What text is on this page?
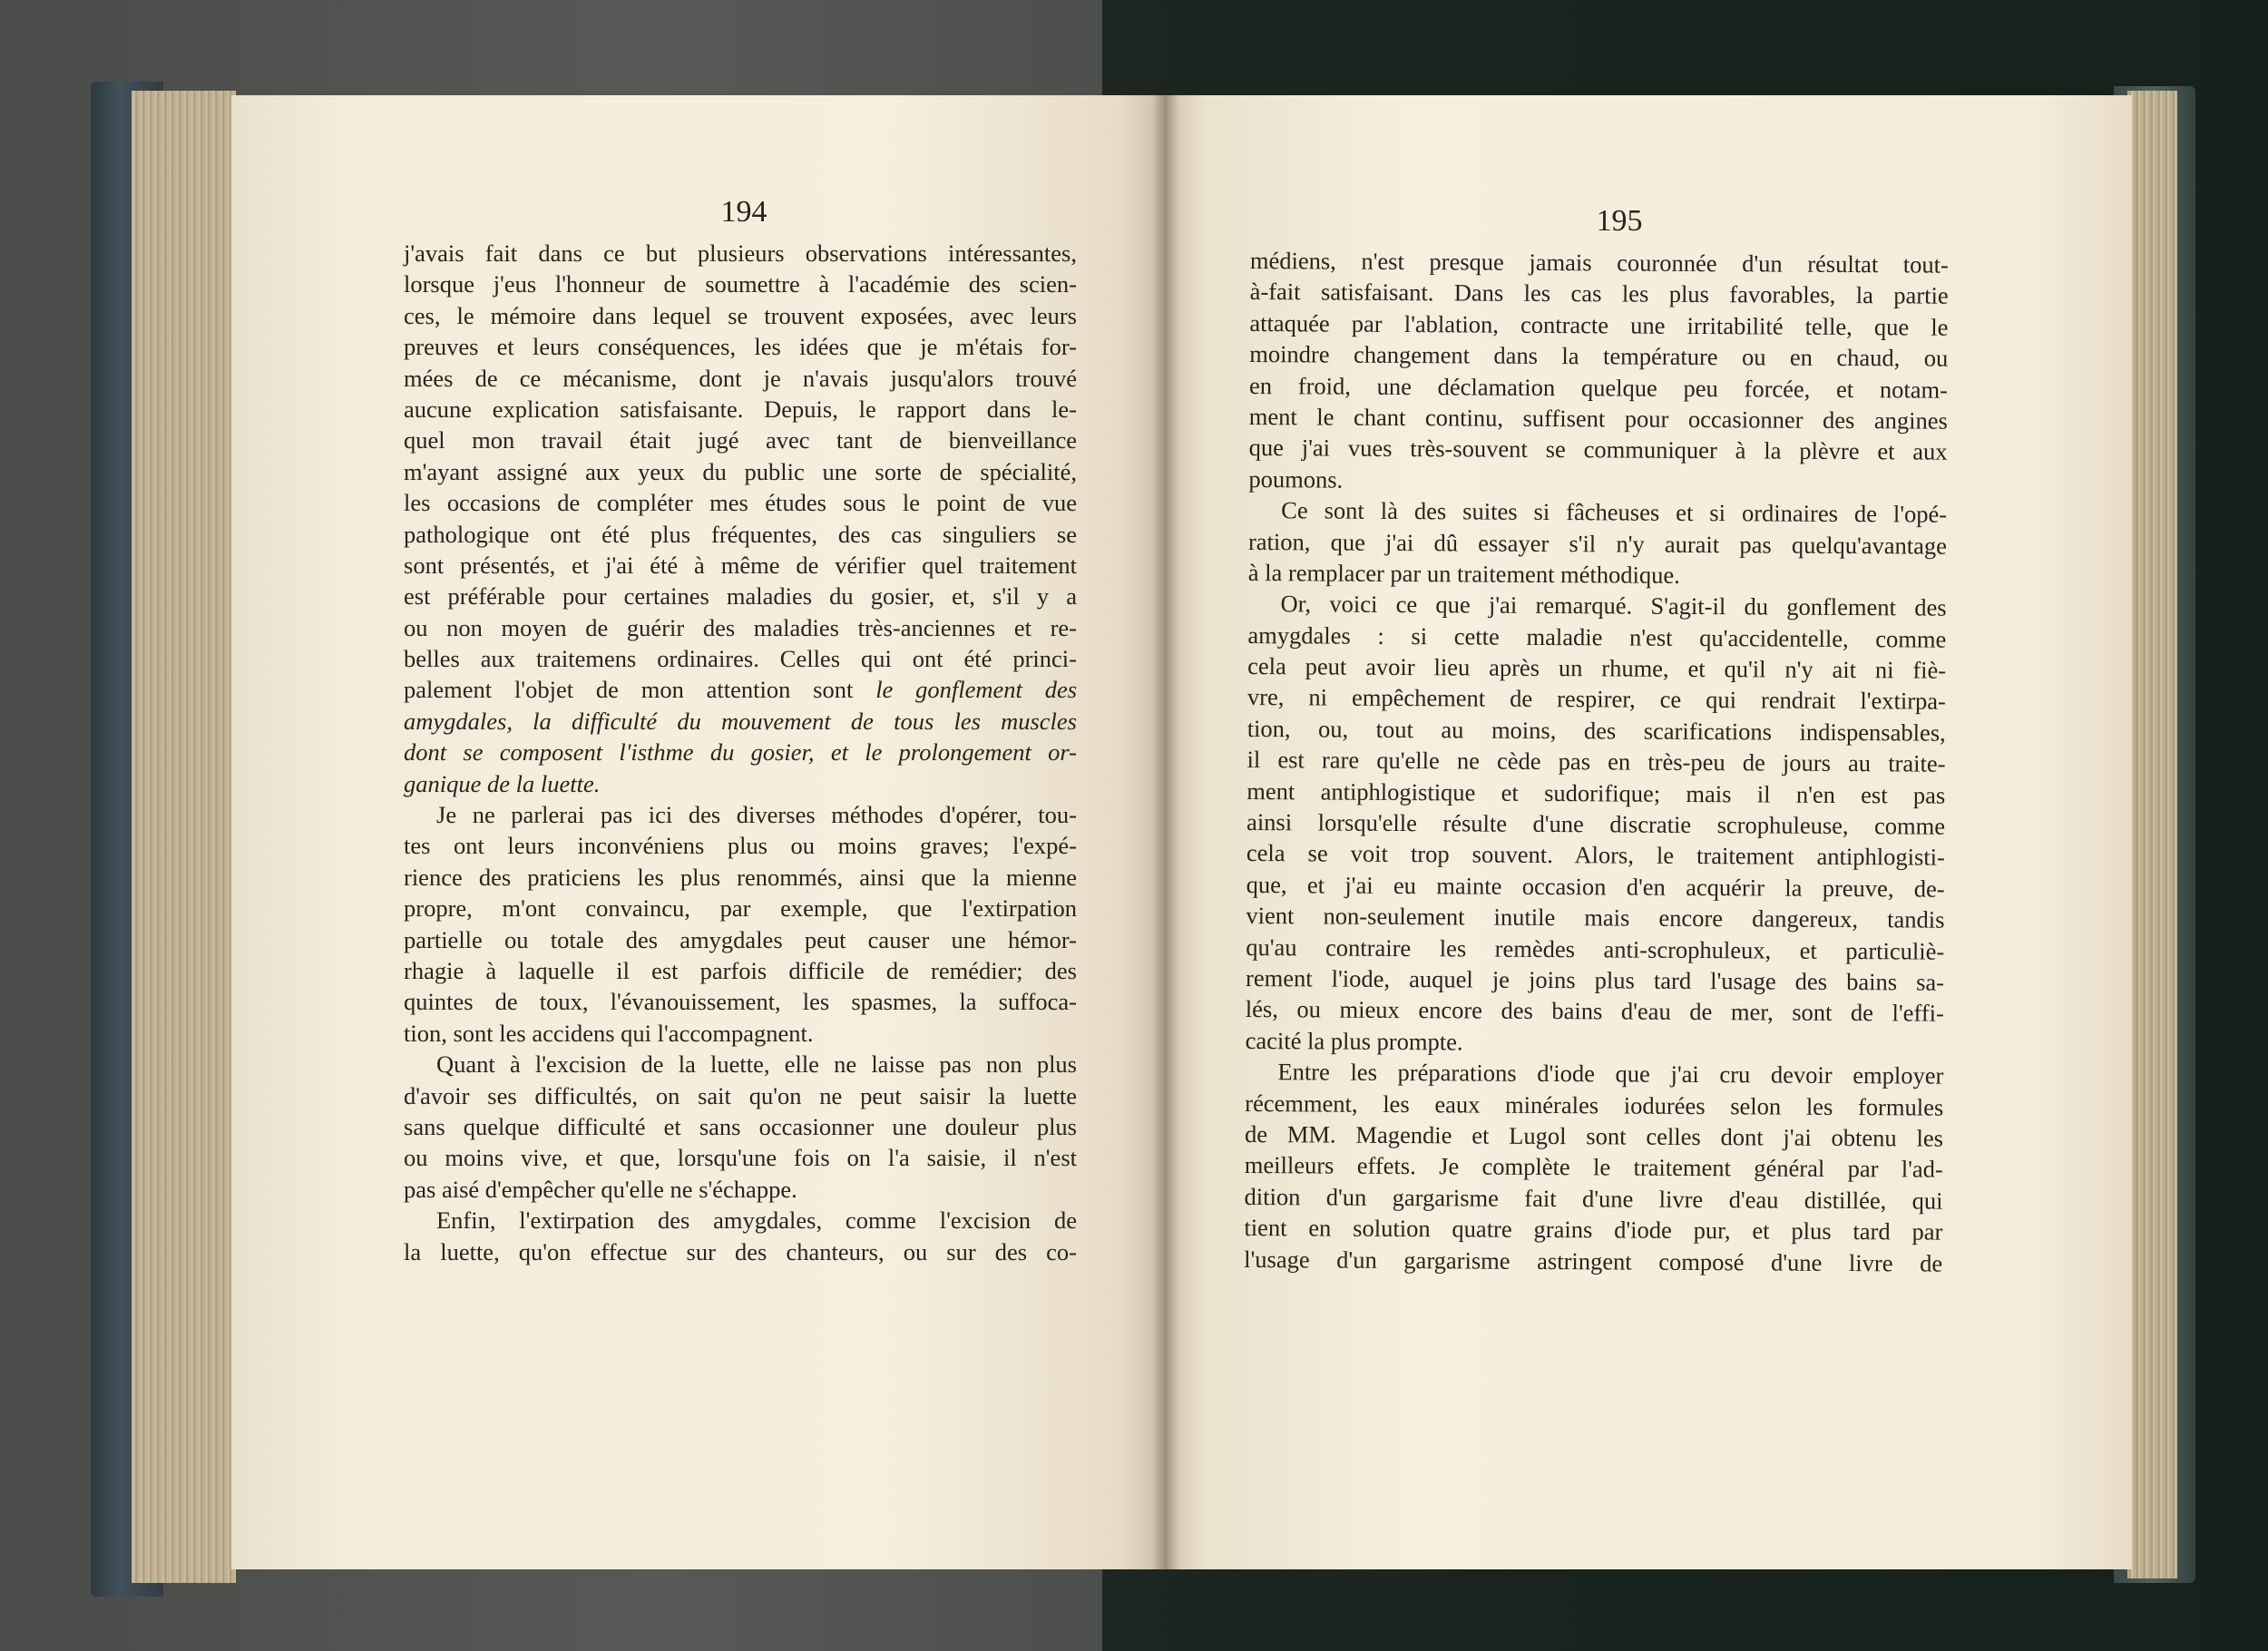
194
j'avais fait dans ce but plusieurs observations intéressantes,
lorsque j'eus l'honneur de soumettre à l'académie des scien-
ces, le mémoire dans lequel se trouvent exposées, avec leurs
preuves et leurs conséquences, les idées que je m'étais for-
mées de ce mécanisme, dont je n'avais jusqu'alors trouvé
aucune explication satisfaisante. Depuis, le rapport dans le-
quel mon travail était jugé avec tant de bienveillance
m'ayant assigné aux yeux du public une sorte de spécialité,
les occasions de compléter mes études sous le point de vue
pathologique ont été plus fréquentes, des cas singuliers se
sont présentés, et j'ai été à même de vérifier quel traitement
est préférable pour certaines maladies du gosier, et, s'il y a
ou non moyen de guérir des maladies très-anciennes et re-
belles aux traitemens ordinaires. Celles qui ont été princi-
palement l'objet de mon attention sont le gonflement des
amygdales, la difficulté du mouvement de tous les muscles
dont se composent l'isthme du gosier, et le prolongement or-
ganique de la luette.
Je ne parlerai pas ici des diverses méthodes d'opérer, tou-
tes ont leurs inconvéniens plus ou moins graves; l'expé-
rience des praticiens les plus renommés, ainsi que la mienne
propre, m'ont convaincu, par exemple, que l'extirpation
partielle ou totale des amygdales peut causer une hémor-
rhagie à laquelle il est parfois difficile de remédier; des
quintes de toux, l'évanouissement, les spasmes, la suffoca-
tion, sont les accidens qui l'accompagnent.
Quant à l'excision de la luette, elle ne laisse pas non plus
d'avoir ses difficultés, on sait qu'on ne peut saisir la luette
sans quelque difficulté et sans occasionner une douleur plus
ou moins vive, et que, lorsqu'une fois on l'a saisie, il n'est
pas aisé d'empêcher qu'elle ne s'échappe.
Enfin, l'extirpation des amygdales, comme l'excision de
la luette, qu'on effectue sur des chanteurs, ou sur des co-
195
médiens, n'est presque jamais couronnée d'un résultat tout-
à-fait satisfaisant. Dans les cas les plus favorables, la partie
attaquée par l'ablation, contracte une irritabilité telle, que le
moindre changement dans la température ou en chaud, ou
en froid, une déclamation quelque peu forcée, et notam-
ment le chant continu, suffisent pour occasionner des angines
que j'ai vues très-souvent se communiquer à la plèvre et aux
poumons.
Ce sont là des suites si fâcheuses et si ordinaires de l'opé-
ration, que j'ai dû essayer s'il n'y aurait pas quelqu'avantage
à la remplacer par un traitement méthodique.
Or, voici ce que j'ai remarqué. S'agit-il du gonflement des
amygdales : si cette maladie n'est qu'accidentelle, comme
cela peut avoir lieu après un rhume, et qu'il n'y ait ni fiè-
vre, ni empêchement de respirer, ce qui rendrait l'extirpa-
tion, ou, tout au moins, des scarifications indispensables,
il est rare qu'elle ne cède pas en très-peu de jours au traite-
ment antiphlogistique et sudorifique; mais il n'en est pas
ainsi lorsqu'elle résulte d'une discratie scrophuleuse, comme
cela se voit trop souvent. Alors, le traitement antiphlogisti-
que, et j'ai eu mainte occasion d'en acquérir la preuve, de-
vient non-seulement inutile mais encore dangereux, tandis
qu'au contraire les remèdes anti-scrophuleux, et particuliè-
rement l'iode, auquel je joins plus tard l'usage des bains sa-
lés, ou mieux encore des bains d'eau de mer, sont de l'effi-
cacité la plus prompte.
Entre les préparations d'iode que j'ai cru devoir employer
récemment, les eaux minérales iodurées selon les formules
de MM. Magendie et Lugol sont celles dont j'ai obtenu les
meilleurs effets. Je complète le traitement général par l'ad-
dition d'un gargarisme fait d'une livre d'eau distillée, qui
tient en solution quatre grains d'iode pur, et plus tard par
l'usage d'un gargarisme astringent composé d'une livre de
